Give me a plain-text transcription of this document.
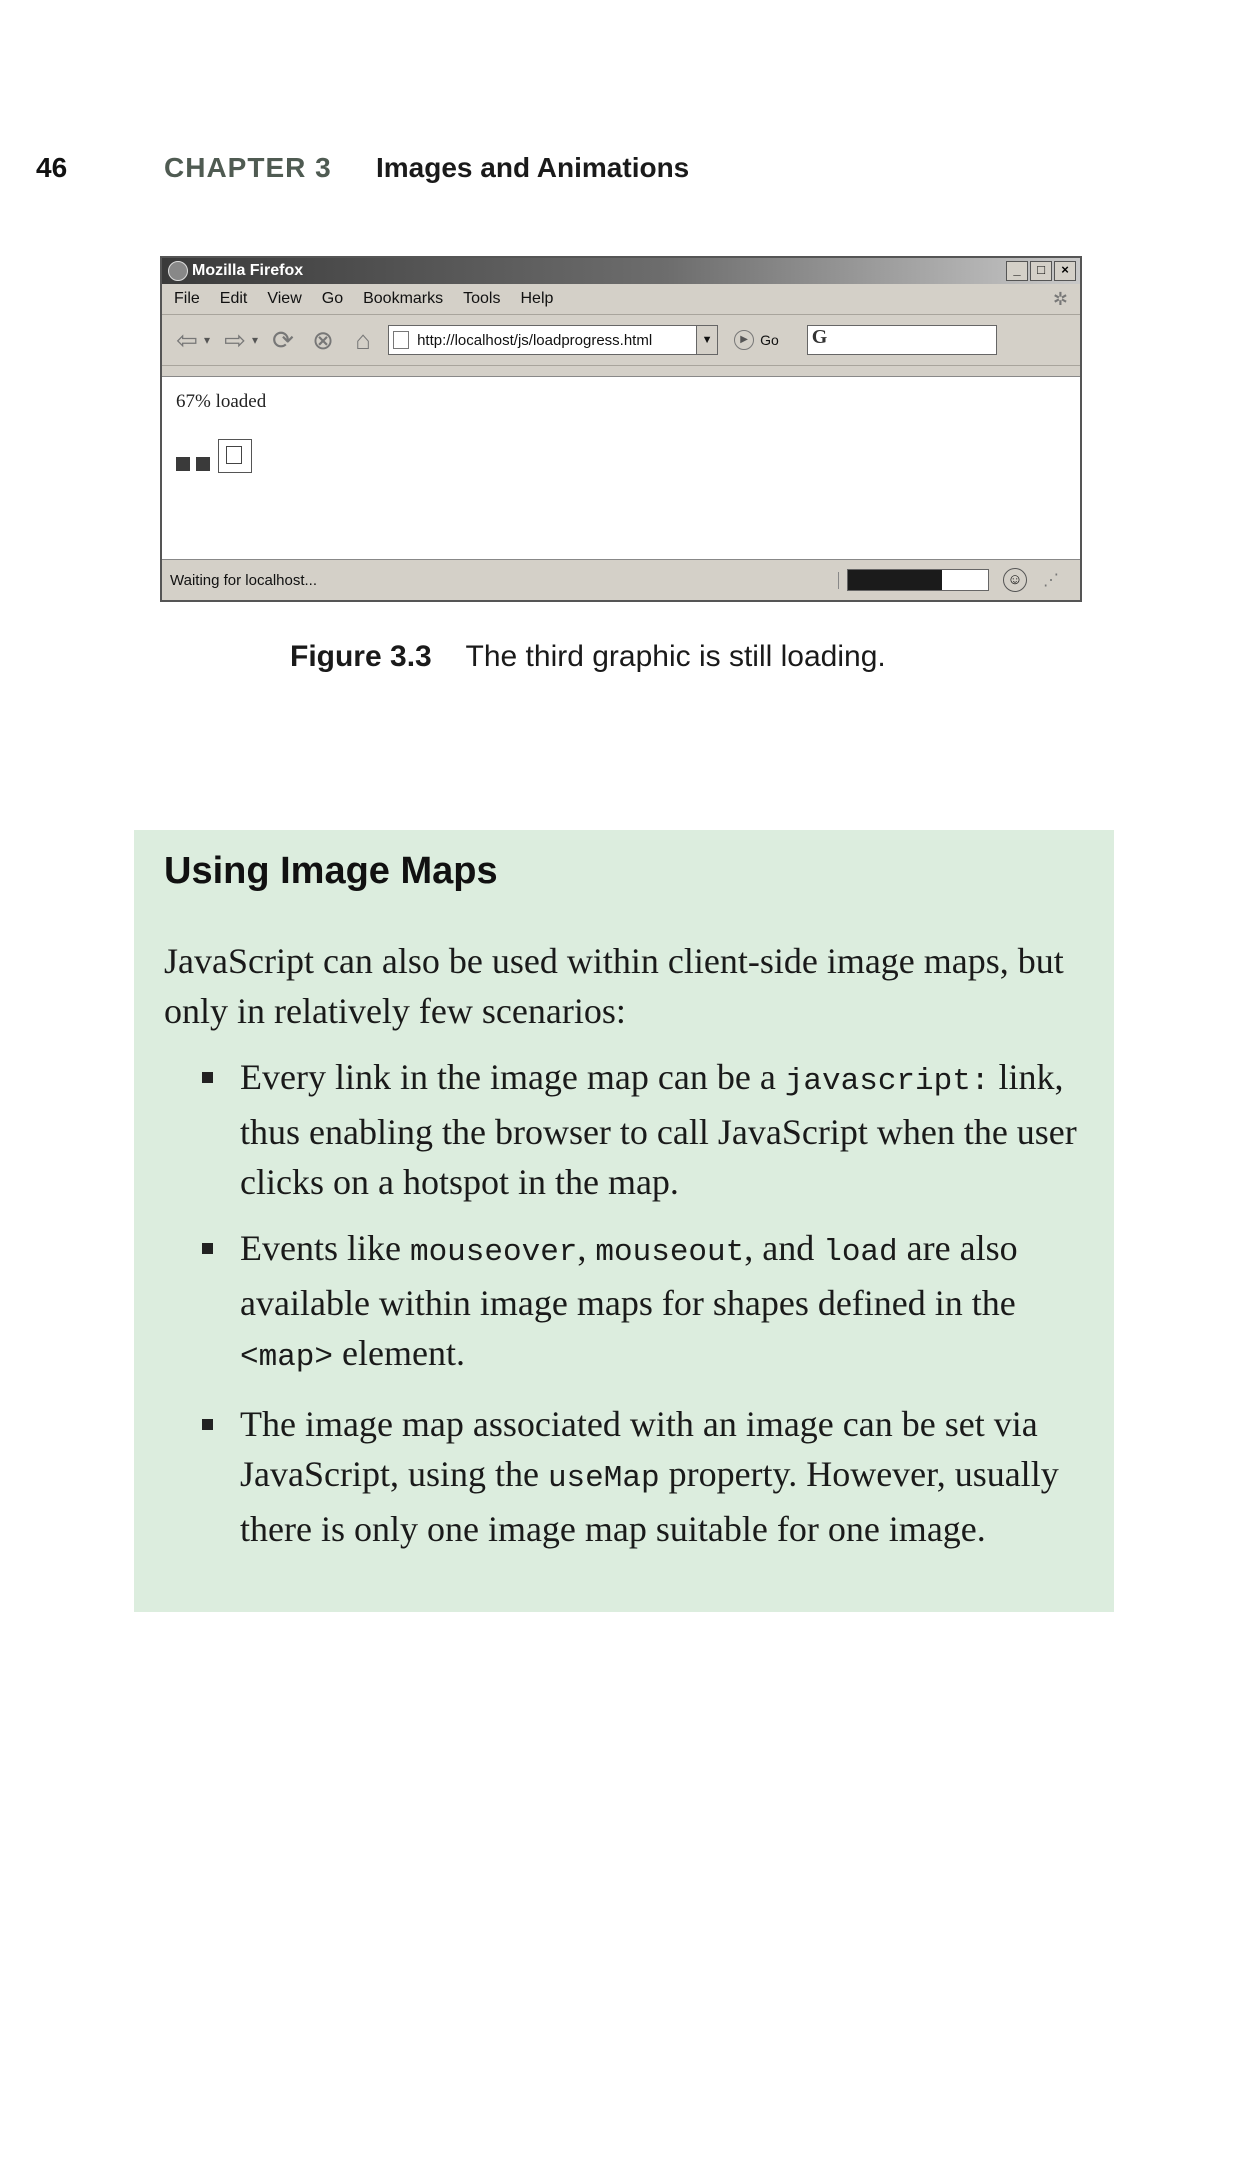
46	CHAPTER 3 Images and Animations
Mozilla Firefox	_	□	×
File Edit View Go Bookmarks Tools Help	✲
⇦ ▾ ⇨ ▾ ⟳ ⊗ ⌂	http://localhost/js/loadprogress.html	▼	▶ Go G
67% loaded
Waiting for localhost...	☺ ⋰
Figure 3.3 The third graphic is still loading.
Using Image Maps

JavaScript can also be used within client-side image maps, but only in relatively few scenarios:

Every link in the image map can be a javascript: link, thus enabling the browser to call JavaScript when the user clicks on a hotspot in the map.
Events like mouseover, mouseout, and load are also available within image maps for shapes defined in the <map> element.
The image map associated with an image can be set via JavaScript, using the useMap property. However, usually there is only one image map suitable for one image.
